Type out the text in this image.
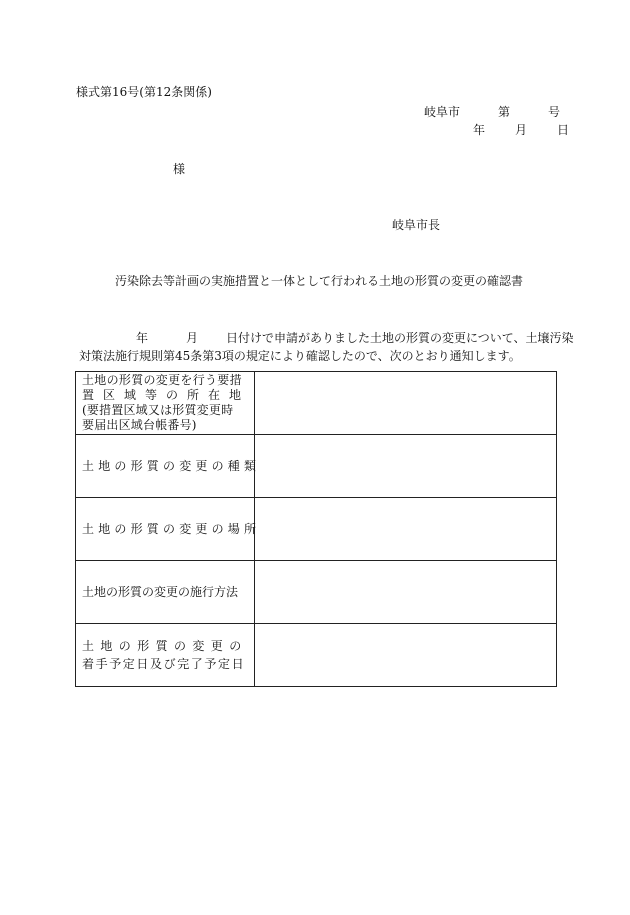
様式第16号(第12条関係)
岐阜市	第	号
年	月	日
様
岐阜市長
汚染除去等計画の実施措置と一体として行われる土地の形質の変更の確認書
年	月 日付けで申請がありました土地の形質の変更について、土壌汚染
対策法施行規則第45条第3項の規定により確認したので、次のとおり通知します。
土地の形質の変更を行う要措
置区域等の所在地
(要措置区域又は形質変更時
要届出区域台帳番号)	

土地の形質の変更の種類	

土地の形質の変更の場所	

土地の形質の変更の施行方法	

土地の形質の変更の
着手予定日及び完了予定日	
